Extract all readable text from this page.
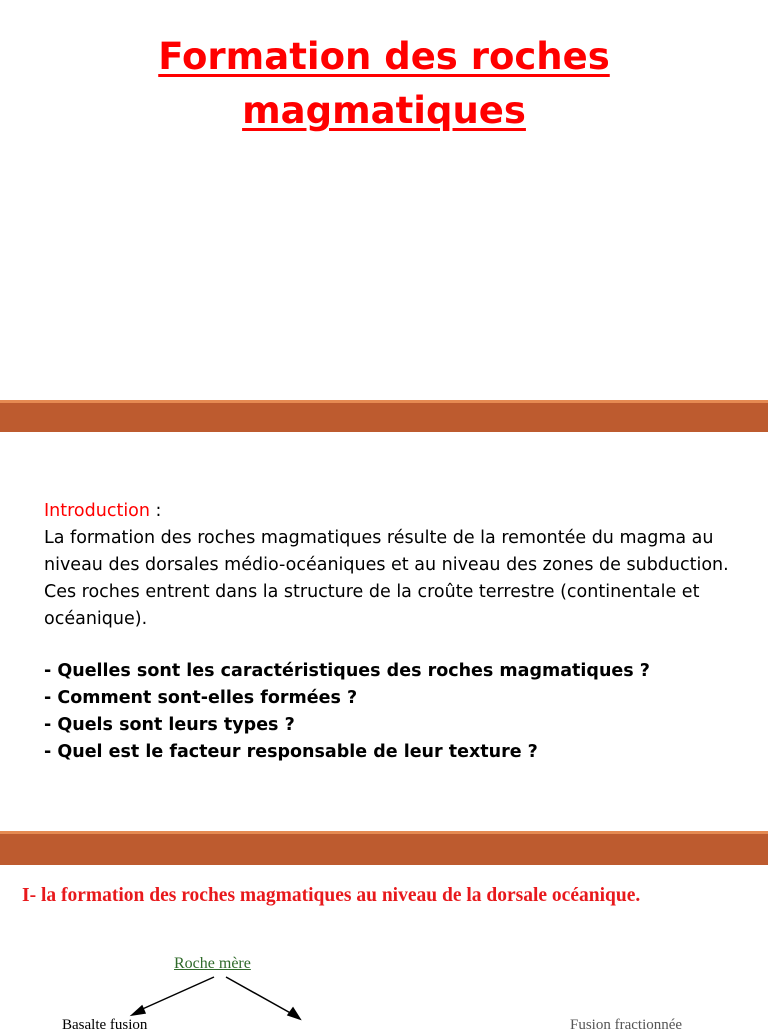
Formation des roches
magmatiques
Introduction :
La formation des roches magmatiques résulte de la remontée du magma au niveau des dorsales médio-océaniques et au niveau des zones de subduction. Ces roches entrent dans la structure de la croûte terrestre (continentale et océanique).
- Quelles sont les caractéristiques des roches magmatiques ?
- Comment sont-elles formées ?
- Quels sont leurs types ?
- Quel est le facteur responsable de leur texture ?
I- la formation des roches magmatiques au niveau de la dorsale océanique.
Roche mère
Basalte fusion	Fusion fractionnée
